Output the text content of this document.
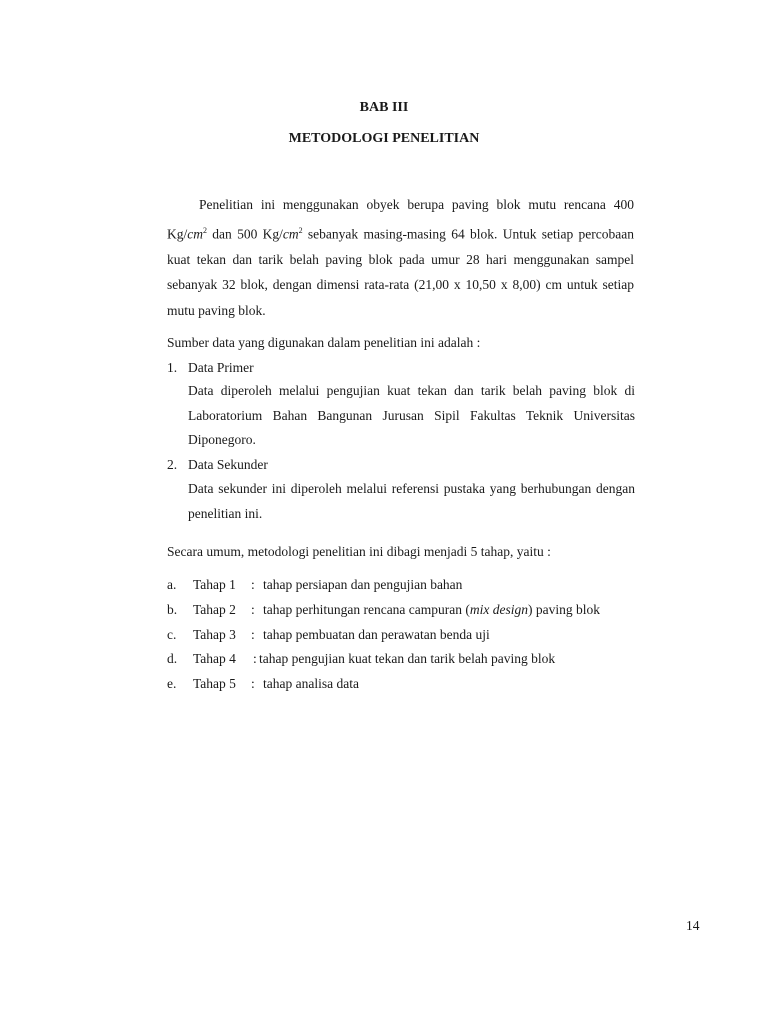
BAB III
METODOLOGI PENELITIAN

Penelitian ini menggunakan obyek berupa paving blok mutu rencana 400 $Kg/cm^2$ dan 500 $Kg/cm^2$ sebanyak masing-masing 64 blok. Untuk setiap percobaan kuat tekan dan tarik belah paving blok pada umur 28 hari menggunakan sampel sebanyak 32 blok, dengan dimensi rata-rata (21,00 x 10,50 x 8,00) cm untuk setiap mutu paving blok.

Sumber data yang digunakan dalam penelitian ini adalah :
1. Data Primer

Data diperoleh melalui pengujian kuat tekan dan tarik belah paving blok di Laboratorium Bahan Bangunan Jurusan Sipil Fakultas Teknik Universitas Diponegoro.

2. Data Sekunder

Data sekunder ini diperoleh melalui referensi pustaka yang berhubungan dengan penelitian ini.

Secara umum, metodologi penelitian ini dibagi menjadi 5 tahap, yaitu :
a. Tahap 1 : tahap persiapan dan pengujian bahan
b. Tahap 2 : tahap perhitungan rencana campuran (mix design) paving blok
c. Tahap 3 : tahap pembuatan dan perawatan benda uji
d. Tahap 4 : tahap pengujian kuat tekan dan tarik belah paving blok
e. Tahap 5 : tahap analisa data
14
